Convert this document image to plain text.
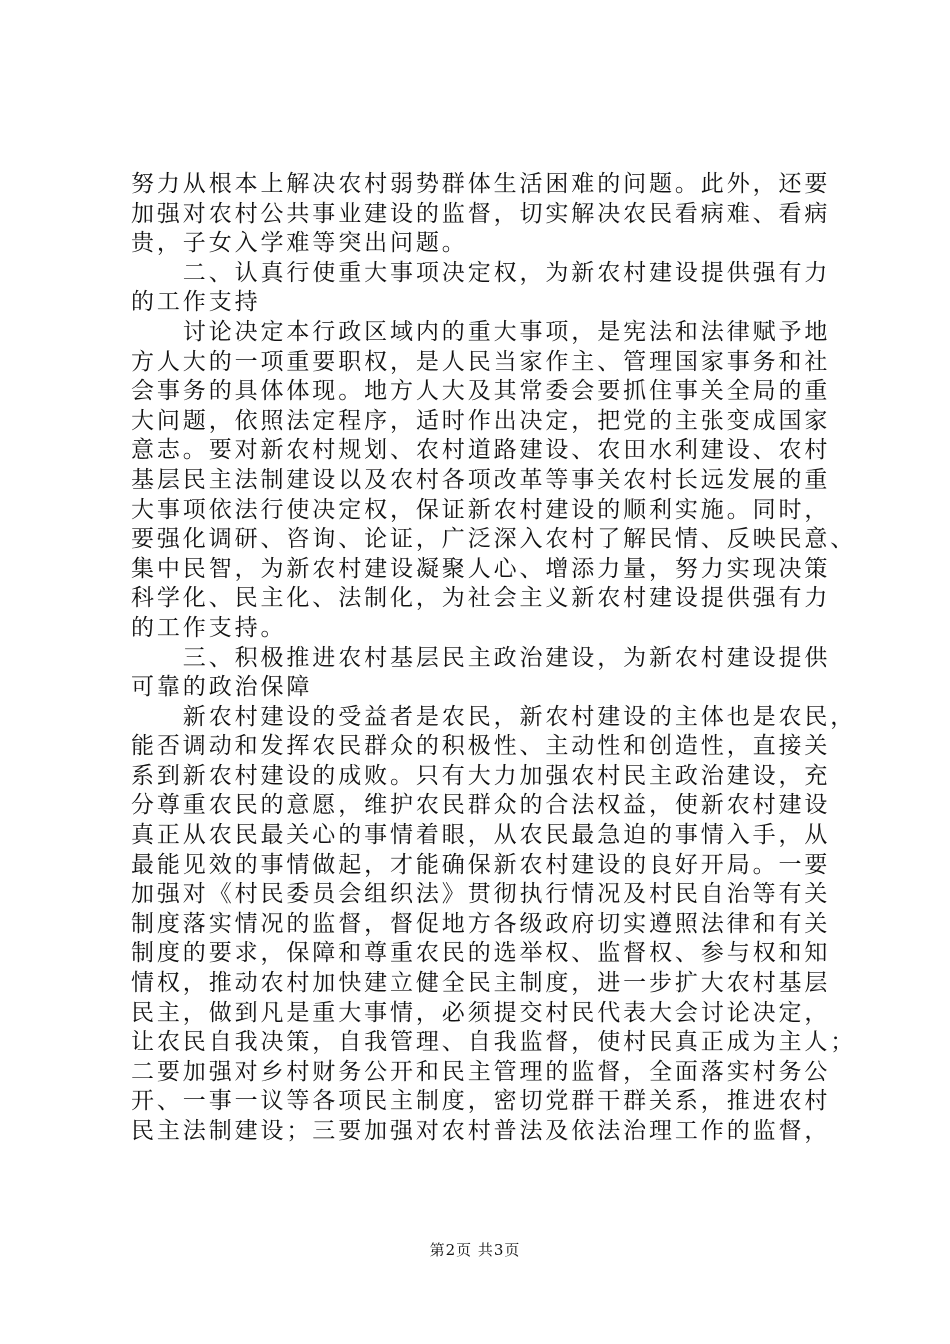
努力从根本上解决农村弱势群体生活困难的问题。此外，还要
加强对农村公共事业建设的监督，切实解决农民看病难、看病
贵，子女入学难等突出问题。
　　二、认真行使重大事项决定权，为新农村建设提供强有力
的工作支持
　　讨论决定本行政区域内的重大事项，是宪法和法律赋予地
方人大的一项重要职权，是人民当家作主、管理国家事务和社
会事务的具体体现。地方人大及其常委会要抓住事关全局的重
大问题，依照法定程序，适时作出决定，把党的主张变成国家
意志。要对新农村规划、农村道路建设、农田水利建设、农村
基层民主法制建设以及农村各项改革等事关农村长远发展的重
大事项依法行使决定权，保证新农村建设的顺利实施。同时，
要强化调研、咨询、论证，广泛深入农村了解民情、反映民意、
集中民智，为新农村建设凝聚人心、增添力量，努力实现决策
科学化、民主化、法制化，为社会主义新农村建设提供强有力
的工作支持。
　　三、积极推进农村基层民主政治建设，为新农村建设提供
可靠的政治保障
　　新农村建设的受益者是农民，新农村建设的主体也是农民，
能否调动和发挥农民群众的积极性、主动性和创造性，直接关
系到新农村建设的成败。只有大力加强农村民主政治建设，充
分尊重农民的意愿，维护农民群众的合法权益，使新农村建设
真正从农民最关心的事情着眼，从农民最急迫的事情入手，从
最能见效的事情做起，才能确保新农村建设的良好开局。一要
加强对《村民委员会组织法》贯彻执行情况及村民自治等有关
制度落实情况的监督，督促地方各级政府切实遵照法律和有关
制度的要求，保障和尊重农民的选举权、监督权、参与权和知
情权，推动农村加快建立健全民主制度，进一步扩大农村基层
民主，做到凡是重大事情，必须提交村民代表大会讨论决定，
让农民自我决策，自我管理、自我监督，使村民真正成为主人；
二要加强对乡村财务公开和民主管理的监督，全面落实村务公
开、一事一议等各项民主制度，密切党群干群关系，推进农村
民主法制建设；三要加强对农村普法及依法治理工作的监督，
第2页 共3页
